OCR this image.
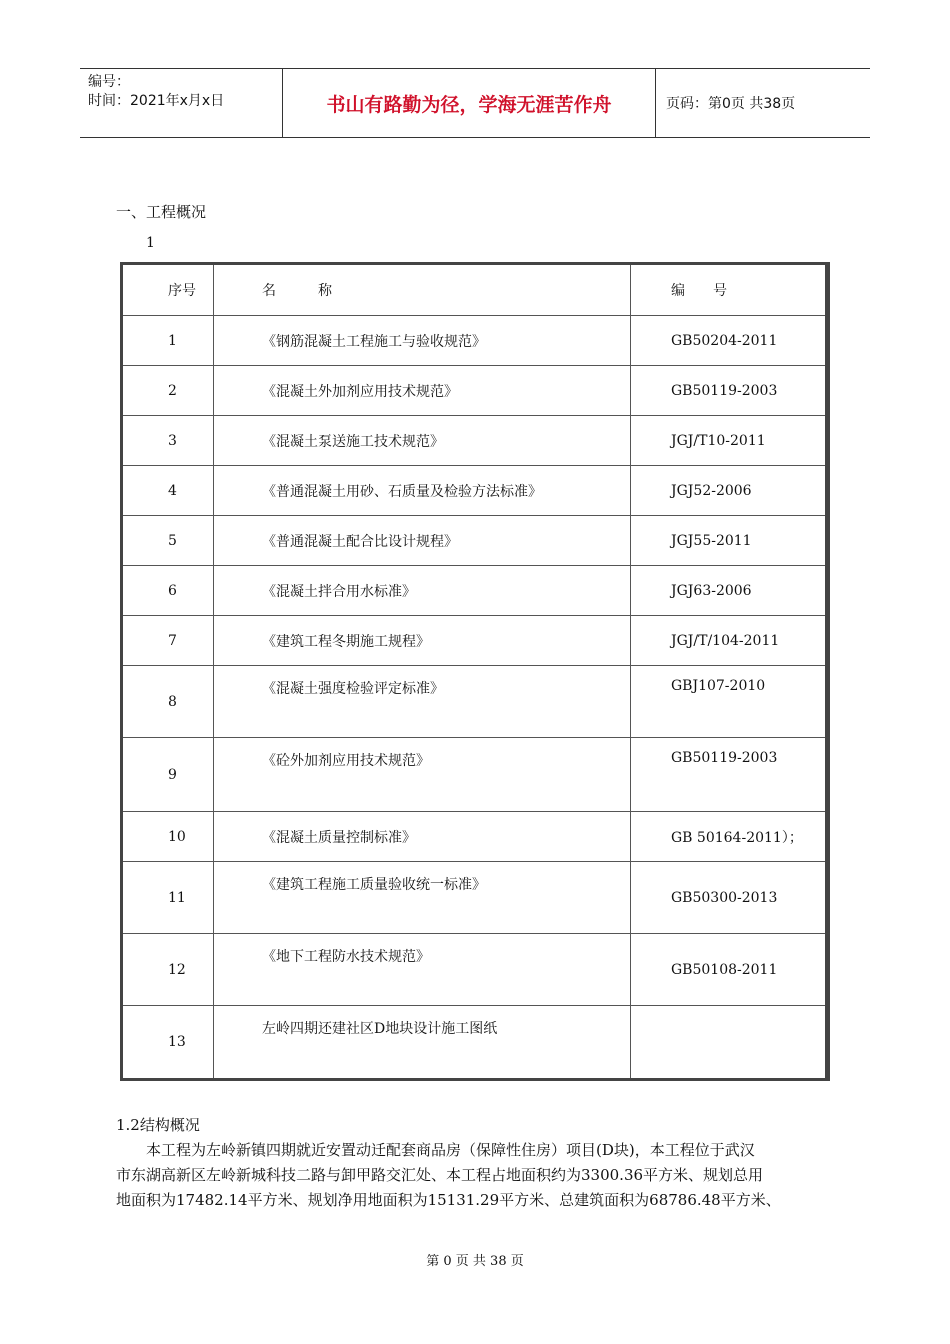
编号：
时间：2021年x月x日	书山有路勤为径，学海无涯苦作舟	页码：第0页 共38页
一、工程概况
1
序号	名　　　称	编　　号
1	《钢筋混凝土工程施工与验收规范》	GB50204-2011
2	《混凝土外加剂应用技术规范》	GB50119-2003
3	《混凝土泵送施工技术规范》	JGJ/T10-2011
4	《普通混凝土用砂、石质量及检验方法标准》	JGJ52-2006
5	《普通混凝土配合比设计规程》	JGJ55-2011
6	《混凝土拌合用水标准》	JGJ63-2006
7	《建筑工程冬期施工规程》	JGJ/T/104-2011
8	《混凝土强度检验评定标准》	GBJ107-2010
9	《砼外加剂应用技术规范》	GB50119-2003
10	《混凝土质量控制标准》	GB 50164-2011）；
11	《建筑工程施工质量验收统一标准》	GB50300-2013
12	《地下工程防水技术规范》	GB50108-2011
13	左岭四期还建社区D地块设计施工图纸	

1.2结构概况

本工程为左岭新镇四期就近安置动迁配套商品房（保障性住房）项目(D块)，本工程位于武汉

市东湖高新区左岭新城科技二路与卸甲路交汇处、本工程占地面积约为3300.36平方米、规划总用

地面积为17482.14平方米、规划净用地面积为15131.29平方米、总建筑面积为68786.48平方米、

第 0 页 共 38 页
